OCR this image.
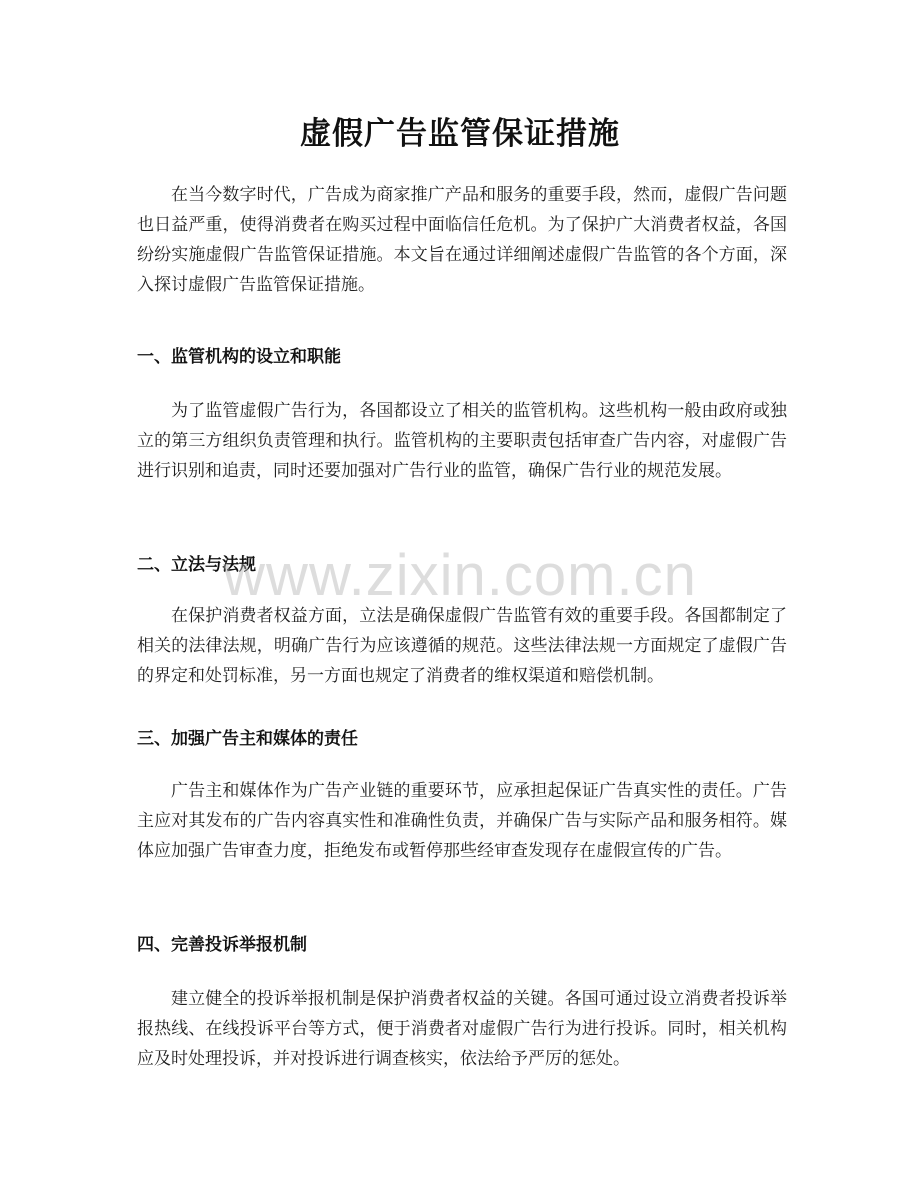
虚假广告监管保证措施

在当今数字时代，广告成为商家推广产品和服务的重要手段，然而，虚假广告问题也日益严重，使得消费者在购买过程中面临信任危机。为了保护广大消费者权益，各国纷纷实施虚假广告监管保证措施。本文旨在通过详细阐述虚假广告监管的各个方面，深入探讨虚假广告监管保证措施。

一、监管机构的设立和职能

为了监管虚假广告行为，各国都设立了相关的监管机构。这些机构一般由政府或独立的第三方组织负责管理和执行。监管机构的主要职责包括审查广告内容，对虚假广告进行识别和追责，同时还要加强对广告行业的监管，确保广告行业的规范发展。

二、立法与法规

在保护消费者权益方面，立法是确保虚假广告监管有效的重要手段。各国都制定了相关的法律法规，明确广告行为应该遵循的规范。这些法律法规一方面规定了虚假广告的界定和处罚标准，另一方面也规定了消费者的维权渠道和赔偿机制。

三、加强广告主和媒体的责任

广告主和媒体作为广告产业链的重要环节，应承担起保证广告真实性的责任。广告主应对其发布的广告内容真实性和准确性负责，并确保广告与实际产品和服务相符。媒体应加强广告审查力度，拒绝发布或暂停那些经审查发现存在虚假宣传的广告。

四、完善投诉举报机制

建立健全的投诉举报机制是保护消费者权益的关键。各国可通过设立消费者投诉举报热线、在线投诉平台等方式，便于消费者对虚假广告行为进行投诉。同时，相关机构应及时处理投诉，并对投诉进行调查核实，依法给予严厉的惩处。

www.zixin.com.cn
